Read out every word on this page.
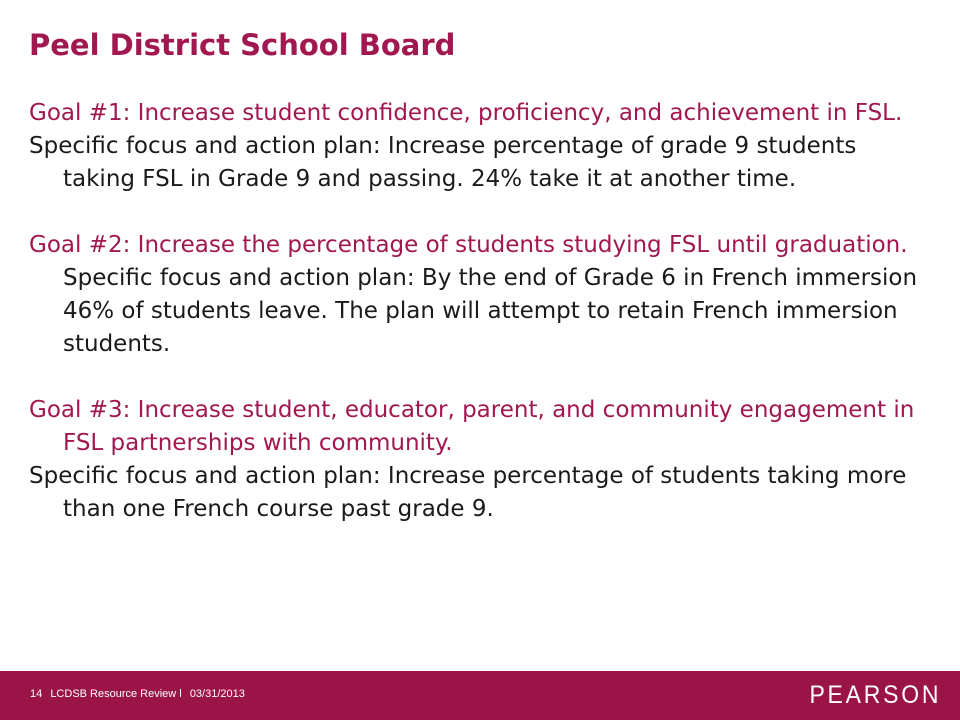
Peel District School Board

Goal #1: Increase student confidence, proficiency, and achievement in FSL.

Specific focus and action plan: Increase percentage of grade 9 students taking FSL in Grade 9 and passing. 24% take it at another time.

Goal #2: Increase the percentage of students studying FSL until graduation. Specific focus and action plan: By the end of Grade 6 in French immersion 46% of students leave. The plan will attempt to retain French immersion students.

Goal #3: Increase student, educator, parent, and community engagement in FSL partnerships with community.

Specific focus and action plan: Increase percentage of students taking more than one French course past grade 9.

14 LCDSB Resource Review l 03/31/2013	PEARSON
